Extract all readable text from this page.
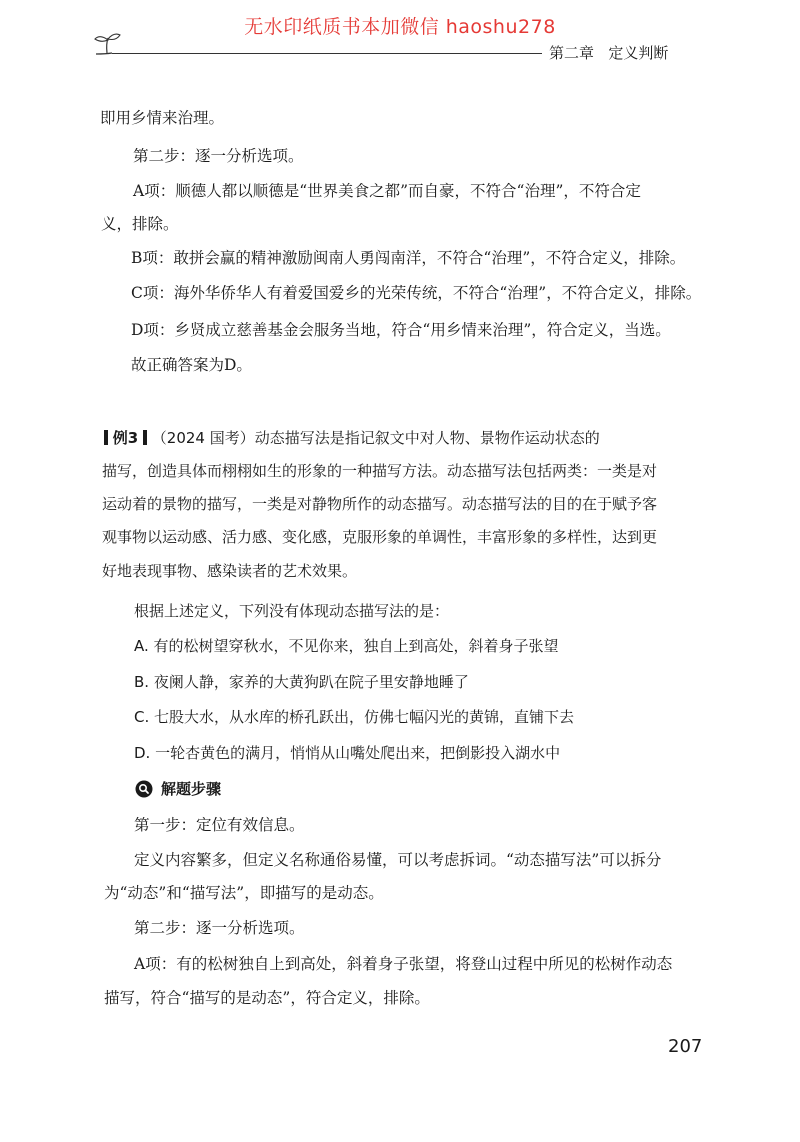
无水印纸质书本加微信 haoshu278
第二章 定义判断
即用乡情来治理。
第二步：逐一分析选项。
A项：顺德人都以顺德是“世界美食之都”而自豪，不符合“治理”，不符合定
义，排除。
B项：敢拼会赢的精神激励闽南人勇闯南洋，不符合“治理”，不符合定义，排除。
C项：海外华侨华人有着爱国爱乡的光荣传统，不符合“治理”，不符合定义，排除。
D项：乡贤成立慈善基金会服务当地，符合“用乡情来治理”，符合定义，当选。
故正确答案为D。
例3 （2024 国考）动态描写法是指记叙文中对人物、景物作运动状态的
描写，创造具体而栩栩如生的形象的一种描写方法。动态描写法包括两类：一类是对
运动着的景物的描写，一类是对静物所作的动态描写。动态描写法的目的在于赋予客
观事物以运动感、活力感、变化感，克服形象的单调性，丰富形象的多样性，达到更
好地表现事物、感染读者的艺术效果。
根据上述定义，下列没有体现动态描写法的是：
A. 有的松树望穿秋水，不见你来，独自上到高处，斜着身子张望
B. 夜阑人静，家养的大黄狗趴在院子里安静地睡了
C. 七股大水，从水库的桥孔跃出，仿佛七幅闪光的黄锦，直铺下去
D. 一轮杏黄色的满月，悄悄从山嘴处爬出来，把倒影投入湖水中
解题步骤
第一步：定位有效信息。
定义内容繁多，但定义名称通俗易懂，可以考虑拆词。“动态描写法”可以拆分
为“动态”和“描写法”，即描写的是动态。
第二步：逐一分析选项。
A项：有的松树独自上到高处，斜着身子张望，将登山过程中所见的松树作动态
描写，符合“描写的是动态”，符合定义，排除。
207
